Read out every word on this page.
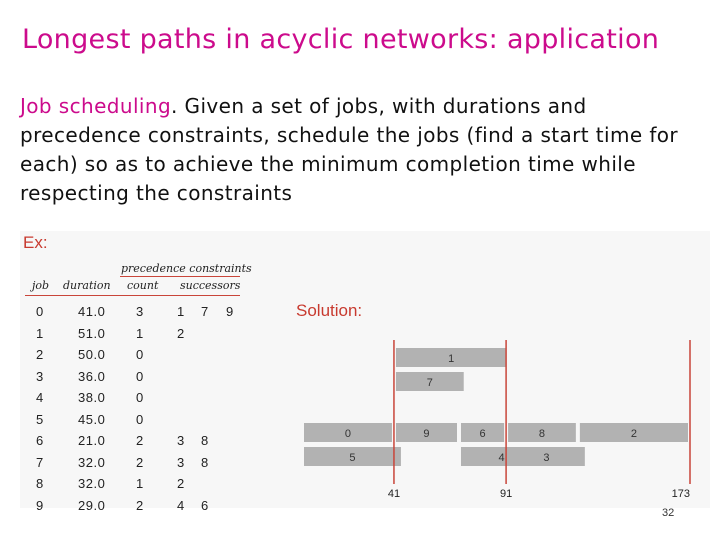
Longest paths in acyclic networks: application
Job scheduling. Given a set of jobs, with durations and precedence constraints, schedule the jobs (find a start time for each) so as to achieve the minimum completion time while respecting the constraints
Ex:
precedence constraints
job duration count successors
0	41.0 3	1 7 9
1	51.0 1	2
2	50.0 0
3	36.0 0
4	38.0 0
5	45.0 0
6	21.0 2	3 8
7	32.0 2	3 8
8	32.0 1	2
9	29.0 2	4 6
Solution:
0
1
7
9	6	8	2
3
5	4
41	91	173
32
